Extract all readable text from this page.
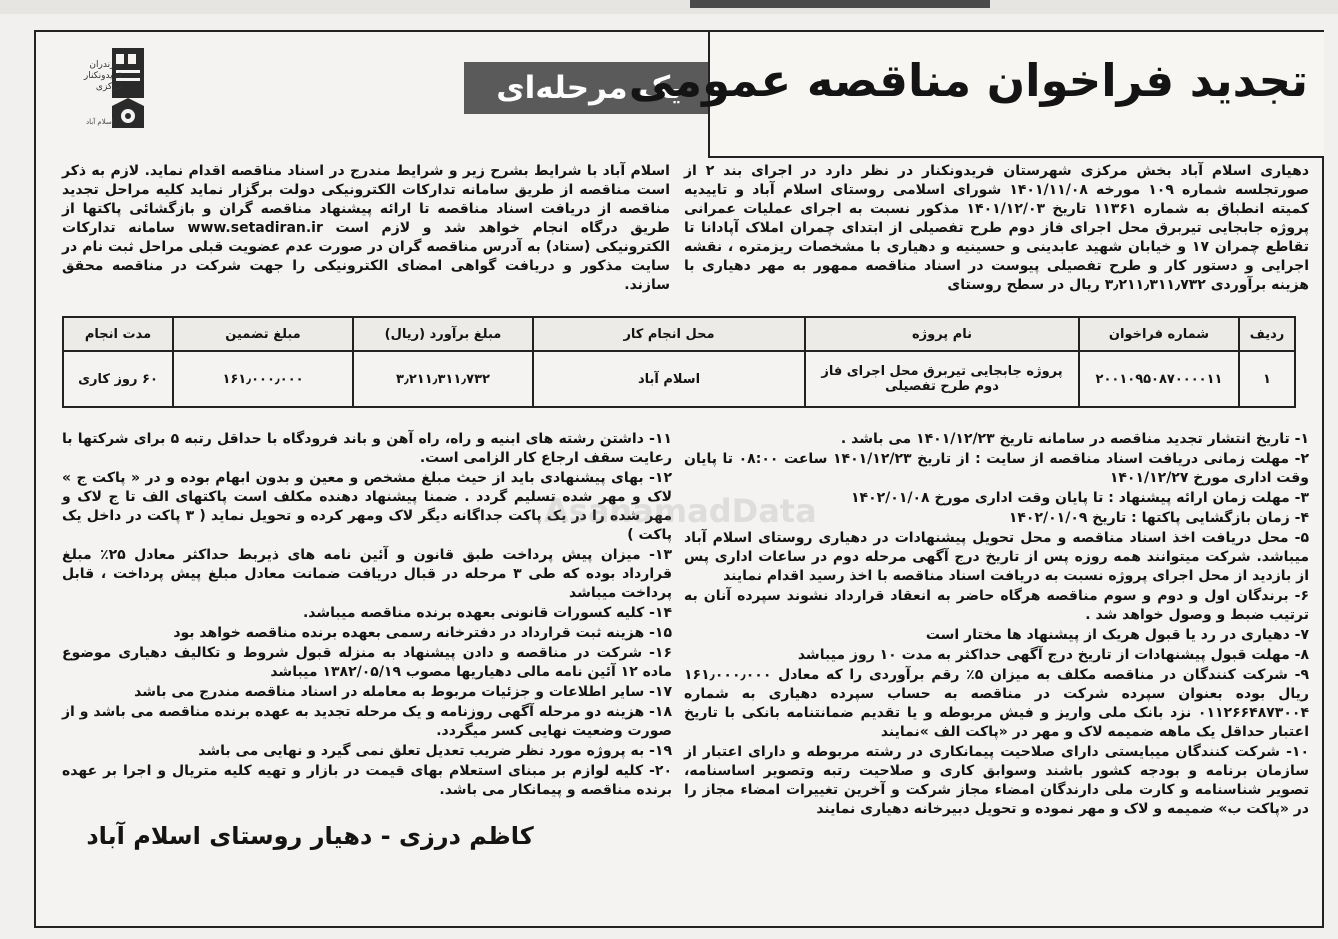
مازندران فریدونکنار مرکزی
اسلام آباد
یک مرحله‌ای
تجدید فراخوان مناقصه عمومی

دهیاری اسلام آباد بخش مرکزی شهرستان فریدونکنار در نظر دارد در اجرای بند ۲ از صورتجلسه شماره ۱۰۹ مورخه ۱۴۰۱/۱۱/۰۸ شورای اسلامی روستای اسلام آباد و تاییدیه کمیته انطباق به شماره ۱۱۳۶۱ تاریخ ۱۴۰۱/۱۲/۰۳ مذکور نسبت به اجرای عملیات عمرانی پروژه جابجایی تیربرق محل اجرای فاز دوم طرح تفصیلی از ابتدای چمران املاک آپادانا تا تقاطع چمران ۱۷ و خیابان شهید عابدینی و حسینیه و دهیاری با مشخصات ریزمتره ، نقشه اجرایی و دستور کار و طرح تفصیلی پیوست در اسناد مناقصه ممهور به مهر دهیاری با هزینه برآوردی ۳٫۲۱۱٫۳۱۱٫۷۳۲ ریال در سطح روستای

اسلام آباد با شرایط بشرح زیر و شرایط مندرج در اسناد مناقصه اقدام نماید. لازم به ذکر است مناقصه از طریق سامانه تدارکات الکترونیکی دولت برگزار نماید کلیه مراحل تجدید مناقصه از دریافت اسناد مناقصه تا ارائه پیشنهاد مناقصه گران و بازگشائی پاکتها از طریق درگاه انجام خواهد شد و لازم است www.setadiran.ir سامانه تدارکات الکترونیکی (ستاد) به آدرس مناقصه گران در صورت عدم عضویت قبلی مراحل ثبت نام در سایت مذکور و دریافت گواهی امضای الکترونیکی را جهت شرکت در مناقصه محقق سازند.

ردیف	شماره فراخوان	نام پروژه	محل انجام کار	مبلغ برآورد (ریال)	مبلغ تضمین	مدت انجام
۱	۲۰۰۱۰۹۵۰۸۷۰۰۰۰۱۱	پروژه جابجایی تیربرق محل اجرای فاز دوم طرح تفصیلی	اسلام آباد	۳٫۲۱۱٫۳۱۱٫۷۳۲	۱۶۱٫۰۰۰٫۰۰۰	۶۰ روز کاری

۱- تاریخ انتشار تجدید مناقصه در سامانه تاریخ ۱۴۰۱/۱۲/۲۳ می باشد .

۲- مهلت زمانی دریافت اسناد مناقصه از سایت : از تاریخ ۱۴۰۱/۱۲/۲۳ ساعت ۰۸:۰۰ تا پایان وقت اداری مورخ ۱۴۰۱/۱۲/۲۷

۳- مهلت زمان ارائه پیشنهاد : تا پایان وقت اداری مورخ ۱۴۰۲/۰۱/۰۸

۴- زمان بازگشایی پاکتها : تاریخ ۱۴۰۲/۰۱/۰۹

۵- محل دریافت اخذ اسناد مناقصه و محل تحویل پیشنهادات در دهیاری روستای اسلام آباد میباشد. شرکت میتوانند همه روزه پس از تاریخ درج آگهی مرحله دوم در ساعات اداری پس از بازدید از محل اجرای پروژه نسبت به دریافت اسناد مناقصه با اخذ رسید اقدام نمایند

۶- برندگان اول و دوم و سوم مناقصه هرگاه حاضر به انعقاد قرارداد نشوند سپرده آنان به ترتیب ضبط و وصول خواهد شد .

۷- دهیاری در رد یا قبول هریک از پیشنهاد ها مختار است

۸- مهلت قبول پیشنهادات از تاریخ درج آگهی حداکثر به مدت ۱۰ روز میباشد

۹- شرکت کنندگان در مناقصه مکلف به میزان ۵٪ رقم برآوردی را که معادل ۱۶۱٫۰۰۰٫۰۰۰ ریال بوده بعنوان سپرده شرکت در مناقصه به حساب سپرده دهیاری به شماره ۰۱۱۲۶۶۴۸۷۳۰۰۴ نزد بانک ملی واریز و فیش مربوطه و یا تقدیم ضمانتنامه بانکی با تاریخ اعتبار حداقل یک ماهه ضمیمه لاک و مهر در «پاکت الف »نمایند

۱۰- شرکت کنندگان میبایستی دارای صلاحیت پیمانکاری در رشته مربوطه و دارای اعتبار از سازمان برنامه و بودجه کشور باشند وسوابق کاری و صلاحیت رتبه وتصویر اساسنامه، تصویر شناسنامه و کارت ملی دارندگان امضاء مجاز شرکت و آخرین تغییرات امضاء مجاز را در «پاکت ب» ضمیمه و لاک و مهر نموده و تحویل دبیرخانه دهیاری نمایند

۱۱- داشتن رشته های ابنیه و راه، راه آهن و باند فرودگاه با حداقل رتبه ۵ برای شرکتها با رعایت سقف ارجاع کار الزامی است.

۱۲- بهای پیشنهادی باید از حیث مبلغ مشخص و معین و بدون ابهام بوده و در « پاکت ج » لاک و مهر شده تسلیم گردد . ضمنا پیشنهاد دهنده مکلف است پاکتهای الف تا ج لاک و مهر شده را در یک پاکت جداگانه دیگر لاک ومهر کرده و تحویل نماید ( ۳ پاکت در داخل یک پاکت )

۱۳- میزان پیش پرداخت طبق قانون و آئین نامه های ذیربط حداکثر معادل ۲۵٪ مبلغ قرارداد بوده که طی ۳ مرحله در قبال دریافت ضمانت معادل مبلغ پیش پرداخت ، قابل پرداخت میباشد

۱۴- کلیه کسورات قانونی بعهده برنده مناقصه میباشد.

۱۵- هزینه ثبت قرارداد در دفترخانه رسمی بعهده برنده مناقصه خواهد بود

۱۶- شرکت در مناقصه و دادن پیشنهاد به منزله قبول شروط و تکالیف دهیاری موضوع ماده ۱۲ آئین نامه مالی دهیاریها مصوب ۱۳۸۲/۰۵/۱۹ میباشد

۱۷- سایر اطلاعات و جزئیات مربوط به معامله در اسناد مناقصه مندرج می باشد

۱۸- هزینه دو مرحله آگهی روزنامه و یک مرحله تجدید به عهده برنده مناقصه می باشد و از صورت وضعیت نهایی کسر میگردد.

۱۹- به پروژه مورد نظر ضریب تعدیل تعلق نمی گیرد و نهایی می باشد

۲۰- کلیه لوازم بر مبنای استعلام بهای قیمت در بازار و تهیه کلیه متریال و اجرا بر عهده برنده مناقصه و پیمانکار می باشد.

AsanamadData
کاظم درزی - دهیار روستای اسلام آباد
